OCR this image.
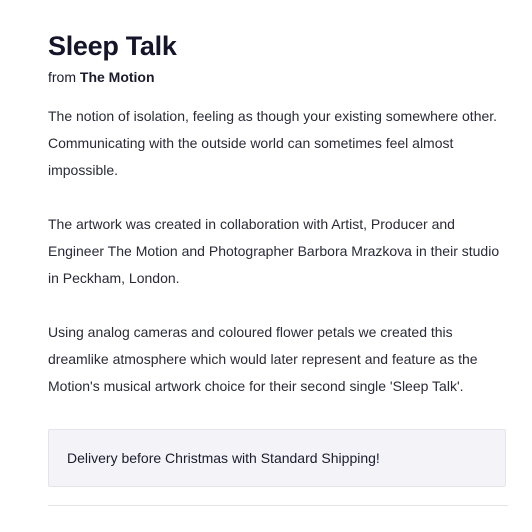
Sleep Talk
from The Motion

The notion of isolation, feeling as though your existing somewhere other. Communicating with the outside world can sometimes feel almost impossible.

The artwork was created in collaboration with Artist, Producer and Engineer The Motion and Photographer Barbora Mrazkova in their studio in Peckham, London.

Using analog cameras and coloured flower petals we created this dreamlike atmosphere which would later represent and feature as the Motion's musical artwork choice for their second single 'Sleep Talk'.

Delivery before Christmas with Standard Shipping!
